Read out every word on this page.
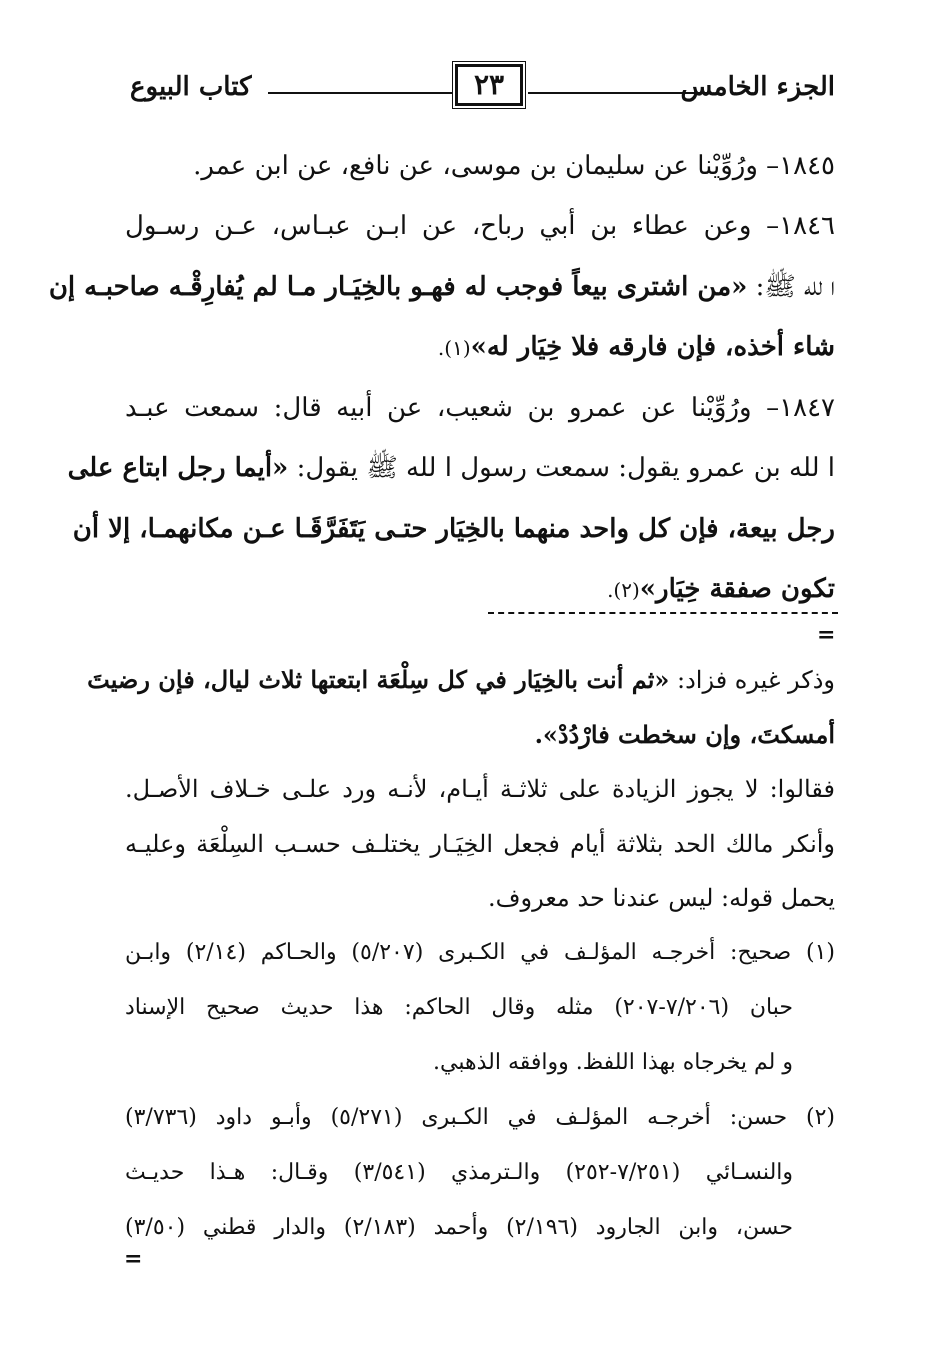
الجزء الخامس
٢٣
كتاب البيوع
١٨٤٥– ورُوِّيْنا عن سليمان بن موسى، عن نافع، عن ابن عمر.
١٨٤٦– وعن عطاء بن أبي رباح، عن ابـن عبـاس، عـن رسـول
ا لله ﷺ: «من اشترى بيعاً فوجب له فهـو بالخِيَـار مـا لم يُفارِقْـه صاحبـه إن
شاء أخذه، فإن فارقه فلا خِيَار له»(١).
١٨٤٧– ورُوِّيْنا عن عمرو بن شعيب، عن أبيه قال: سمعت عبـد
ا لله بن عمرو يقول: سمعت رسول ا لله ﷺ يقول: «أيما رجل ابتاع على
رجل بيعة، فإن كل واحد منهما بالخِيَار حتـى يَتَفَرَّقَـا عـن مكانهمـا، إلا أن
تكون صفقة خِيَار»(٢).
=
وذكر غيره فزاد: «ثم أنت بالخِيَار في كل سِلْعَة ابتعتها ثلاث ليال، فإن رضيتَ
أمسكتَ، وإن سخطت فارْدُدْ».
فقالوا: لا يجوز الزيادة على ثلاثـة أيـام، لأنـه ورد علـى خـلاف الأصـل.
وأنكر مالك الحد بثلاثة أيام فجعل الخِيَـار يختلـف حسـب السِلْعَة وعليـه
يحمل قوله: ليس عندنا حد معروف.
(١) صحيح: أخرجـه المؤلـف في الكـبرى (٥/٢٠٧) والحـاكم (٢/١٤) وابـن
حبان (٧/٢٠٦-٢٠٧) مثله وقال الحاكم: هذا حديث صحيح الإسناد
و لم يخرجاه بهذا اللفظ. ووافقه الذهبي.
(٢) حسن: أخرجـه المؤلـف في الكـبرى (٥/٢٧١) وأبـو داود (٣/٧٣٦)
والنسـائي (٧/٢٥١-٢٥٢) والـترمذي (٣/٥٤١) وقـال: هـذا حديـث
حسن، وابن الجارود (٢/١٩٦) وأحمد (٢/١٨٣) والدار قطني (٣/٥٠)
=
